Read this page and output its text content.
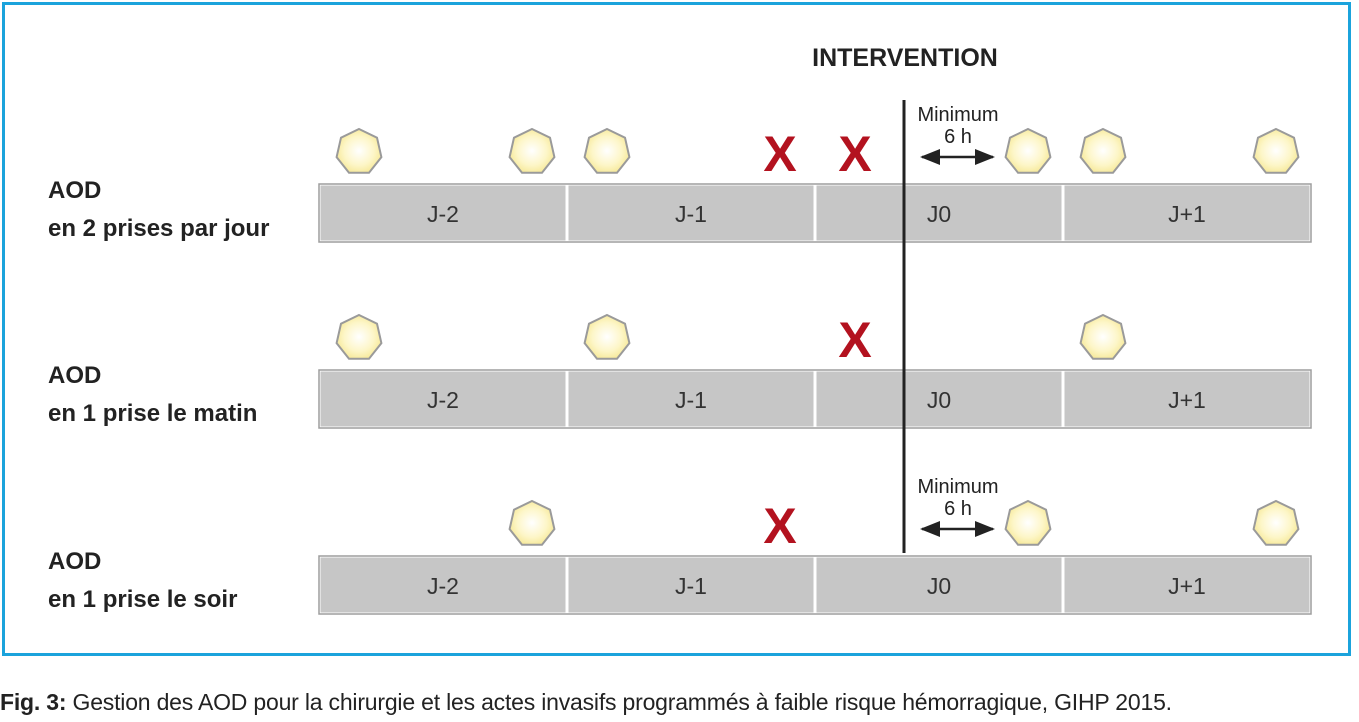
J-2	J-1	J0	J+1
J-2	J-1	J0	J+1
J-2	J-1	J0	J+1
X X
X
X
INTERVENTION
Minimum
6 h
Minimum
6 h
AOD
en 2 prises par jour
AOD
en 1 prise le matin
AOD
en 1 prise le soir
Fig. 3: Gestion des AOD pour la chirurgie et les actes invasifs programmés à faible risque hémorragique, GIHP 2015.
